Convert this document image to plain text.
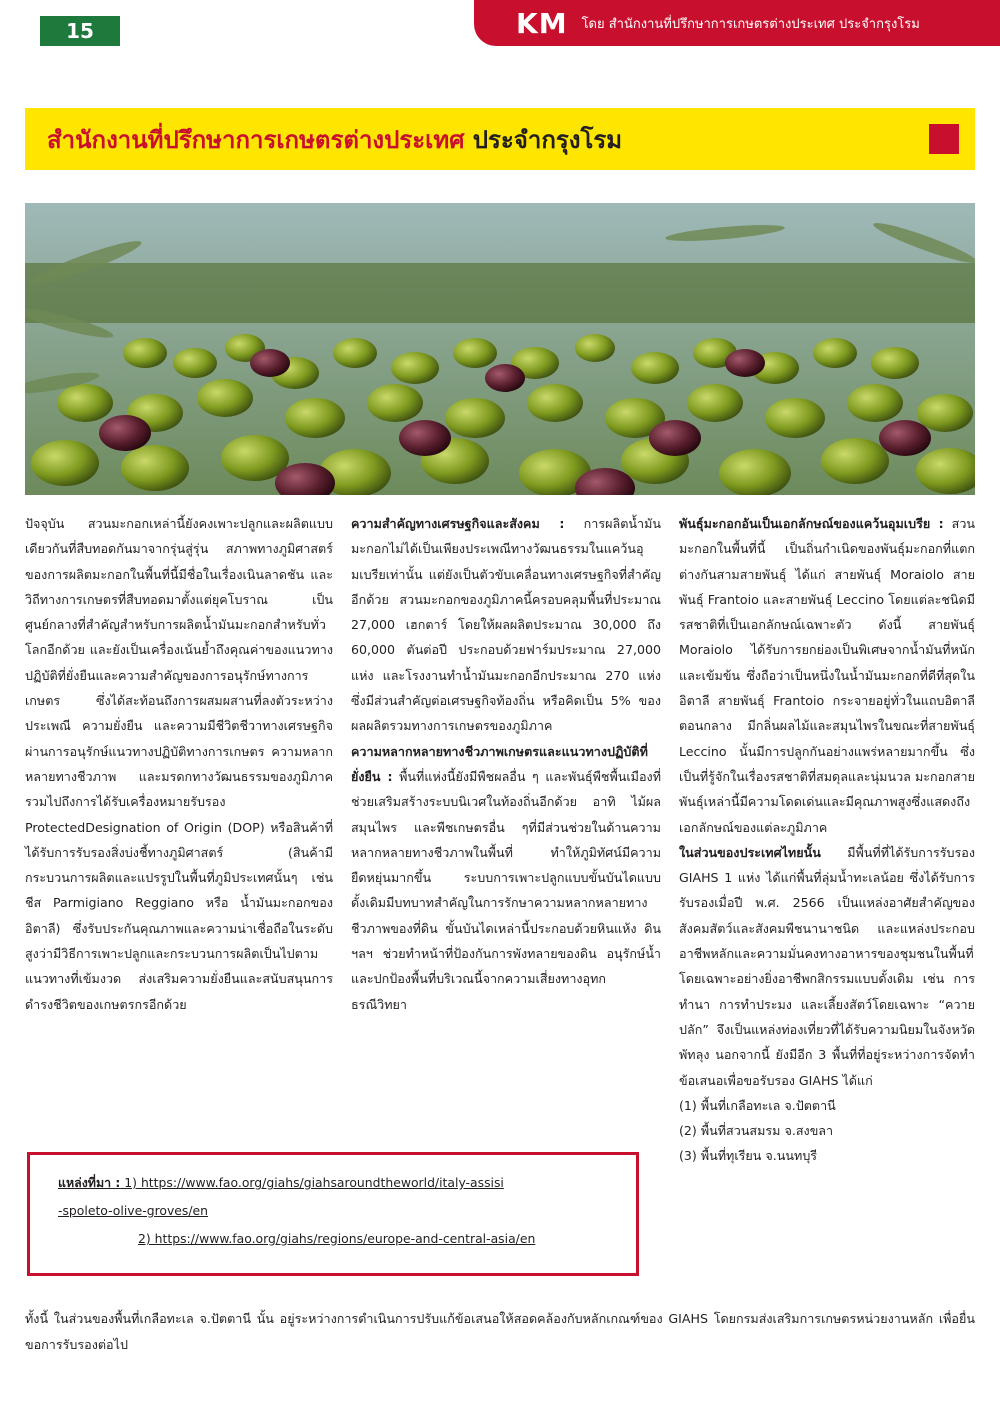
15	KM โดย สำนักงานที่ปรึกษาการเกษตรต่างประเทศ ประจำกรุงโรม
สำนักงานที่ปรึกษาการเกษตรต่างประเทศ ประจำกรุงโรม

ปัจจุบัน สวนมะกอกเหล่านี้ยังคงเพาะปลูกและผลิตแบบเดียวกันที่สืบทอดกันมาจากรุ่นสู่รุ่น สภาพทางภูมิศาสตร์ของการผลิตมะกอกในพื้นที่นี้มีชื่อในเรื่องเนินลาดชัน และวิถีทางการเกษตรที่สืบทอดมาตั้งแต่ยุคโบราณ เป็นศูนย์กลางที่สำคัญสำหรับการผลิตน้ำมันมะกอกสำหรับทั่วโลกอีกด้วย และยังเป็นเครื่องเน้นย้ำถึงคุณค่าของแนวทางปฏิบัติที่ยั่งยืนและความสำคัญของการอนุรักษ์ทางการเกษตร ซึ่งได้สะท้อนถึงการผสมผสานที่ลงตัวระหว่างประเพณี ความยั่งยืน และความมีชีวิตชีวาทางเศรษฐกิจผ่านการอนุรักษ์แนวทางปฏิบัติทางการเกษตร ความหลากหลายทางชีวภาพ และมรดกทางวัฒนธรรมของภูมิภาครวมไปถึงการได้รับเครื่องหมายรับรอง ProtectedDesignation of Origin (DOP) หรือสินค้าที่ได้รับการรับรองสิ่งบ่งชี้ทางภูมิศาสตร์ (สินค้ามีกระบวนการผลิตและแปรรูปในพื้นที่ภูมิประเทศนั้นๆ เช่น ชีส Parmigiano Reggiano หรือ น้ำมันมะกอกของอิตาลี) ซึ่งรับประกันคุณภาพและความน่าเชื่อถือในระดับสูงว่ามีวิธีการเพาะปลูกและกระบวนการผลิตเป็นไปตามแนวทางที่เข้มงวด ส่งเสริมความยั่งยืนและสนับสนุนการดำรงชีวิตของเกษตรกรอีกด้วย

ความสำคัญทางเศรษฐกิจและสังคม : การผลิตน้ำมันมะกอกไม่ได้เป็นเพียงประเพณีทางวัฒนธรรมในแคว้นอุมเบรียเท่านั้น แต่ยังเป็นตัวขับเคลื่อนทางเศรษฐกิจที่สำคัญอีกด้วย สวนมะกอกของภูมิภาคนี้ครอบคลุมพื้นที่ประมาณ 27,000 เฮกตาร์ โดยให้ผลผลิตประมาณ 30,000 ถึง 60,000 ตันต่อปี ประกอบด้วยฟาร์มประมาณ 27,000 แห่ง และโรงงานทำน้ำมันมะกอกอีกประมาณ 270 แห่ง ซึ่งมีส่วนสำคัญต่อเศรษฐกิจท้องถิ่น หรือคิดเป็น 5% ของผลผลิตรวมทางการเกษตรของภูมิภาค

ความหลากหลายทางชีวภาพเกษตรและแนวทางปฏิบัติที่ยั่งยืน : พื้นที่แห่งนี้ยังมีพืชผลอื่น ๆ และพันธุ์พืชพื้นเมืองที่ช่วยเสริมสร้างระบบนิเวศในท้องถิ่นอีกด้วย อาทิ ไม้ผล สมุนไพร และพืชเกษตรอื่น ๆที่มีส่วนช่วยในด้านความหลากหลายทางชีวภาพในพื้นที่ ทำให้ภูมิทัศน์มีความยืดหยุ่นมากขึ้น ระบบการเพาะปลูกแบบขั้นบันไดแบบดั้งเดิมมีบทบาทสำคัญในการรักษาความหลากหลายทางชีวภาพของที่ดิน ขั้นบันไดเหล่านี้ประกอบด้วยหินแห้ง ดิน ฯลฯ ช่วยทำหน้าที่ป้องกันการพังทลายของดิน อนุรักษ์น้ำ และปกป้องพื้นที่บริเวณนี้จากความเสี่ยงทางอุทกธรณีวิทยา

พันธุ์มะกอกอันเป็นเอกลักษณ์ของแคว้นอุมเบรีย : สวนมะกอกในพื้นที่นี้ เป็นถิ่นกำเนิดของพันธุ์มะกอกที่แตกต่างกันสามสายพันธุ์ ได้แก่ สายพันธุ์ Moraiolo สายพันธุ์ Frantoio และสายพันธุ์ Leccino โดยแต่ละชนิดมีรสชาติที่เป็นเอกลักษณ์เฉพาะตัว ดังนี้ สายพันธุ์ Moraiolo ได้รับการยกย่องเป็นพิเศษจากน้ำมันที่หนักและเข้มข้น ซึ่งถือว่าเป็นหนึ่งในน้ำมันมะกอกที่ดีที่สุดในอิตาลี สายพันธุ์ Frantoio กระจายอยู่ทั่วในแถบอิตาลีตอนกลาง มีกลิ่นผลไม้และสมุนไพรในขณะที่สายพันธุ์ Leccino นั้นมีการปลูกกันอย่างแพร่หลายมากขึ้น ซึ่งเป็นที่รู้จักในเรื่องรสชาติที่สมดุลและนุ่มนวล มะกอกสายพันธุ์เหล่านี้มีความโดดเด่นและมีคุณภาพสูงซึ่งแสดงถึงเอกลักษณ์ของแต่ละภูมิภาค

ในส่วนของประเทศไทยนั้น มีพื้นที่ที่ได้รับการรับรอง GIAHS 1 แห่ง ได้แก่พื้นที่ลุ่มน้ำทะเลน้อย ซึ่งได้รับการรับรองเมื่อปี พ.ศ. 2566 เป็นแหล่งอาศัยสำคัญของสังคมสัตว์และสังคมพืชนานาชนิด และแหล่งประกอบอาชีพหลักและความมั่นคงทางอาหารของชุมชนในพื้นที่ โดยเฉพาะอย่างยิ่งอาชีพกสิกรรมแบบดั้งเดิม เช่น การทำนา การทำประมง และเลี้ยงสัตว์โดยเฉพาะ “ควายปลัก” จึงเป็นแหล่งท่องเที่ยวที่ได้รับความนิยมในจังหวัดพัทลุง นอกจากนี้ ยังมีอีก 3 พื้นที่ที่อยู่ระหว่างการจัดทำข้อเสนอเพื่อขอรับรอง GIAHS ได้แก่

(1) พื้นที่เกลือทะเล จ.ปัตตานี
(2) พื้นที่สวนสมรม จ.สงขลา
(3) พื้นที่ทุเรียน จ.นนทบุรี
แหล่งที่มา : 1) https://www.fao.org/giahs/giahsaroundtheworld/italy-assisi
-spoleto-olive-groves/en
2) https://www.fao.org/giahs/regions/europe-and-central-asia/en
ทั้งนี้ ในส่วนของพื้นที่เกลือทะเล จ.ปัตตานี นั้น อยู่ระหว่างการดำเนินการปรับแก้ข้อเสนอให้สอดคล้องกับหลักเกณฑ์ของ GIAHS โดยกรมส่งเสริมการเกษตรหน่วยงานหลัก เพื่อยื่นขอการรับรองต่อไป
